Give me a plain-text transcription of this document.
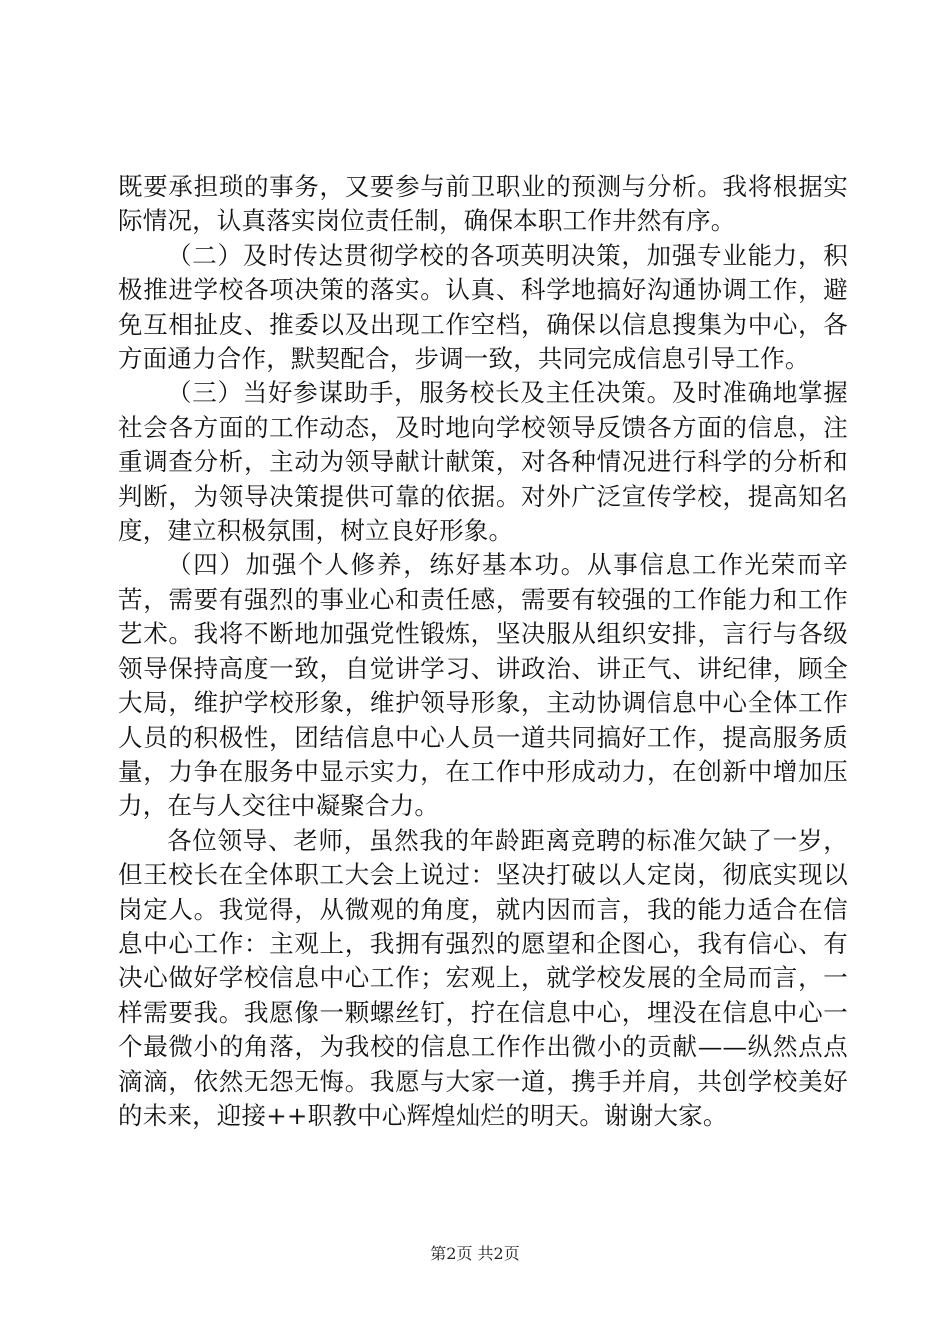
既要承担琐的事务，又要参与前卫职业的预测与分析。我将根据实际情况，认真落实岗位责任制，确保本职工作井然有序。

（二）及时传达贯彻学校的各项英明决策，加强专业能力，积极推进学校各项决策的落实。认真、科学地搞好沟通协调工作，避免互相扯皮、推委以及出现工作空档，确保以信息搜集为中心，各方面通力合作，默契配合，步调一致，共同完成信息引导工作。

（三）当好参谋助手，服务校长及主任决策。及时准确地掌握社会各方面的工作动态，及时地向学校领导反馈各方面的信息，注重调查分析，主动为领导献计献策，对各种情况进行科学的分析和判断，为领导决策提供可靠的依据。对外广泛宣传学校，提高知名度，建立积极氛围，树立良好形象。

（四）加强个人修养，练好基本功。从事信息工作光荣而辛苦，需要有强烈的事业心和责任感，需要有较强的工作能力和工作艺术。我将不断地加强党性锻炼，坚决服从组织安排，言行与各级领导保持高度一致，自觉讲学习、讲政治、讲正气、讲纪律，顾全大局，维护学校形象，维护领导形象，主动协调信息中心全体工作人员的积极性，团结信息中心人员一道共同搞好工作，提高服务质量，力争在服务中显示实力，在工作中形成动力，在创新中增加压力，在与人交往中凝聚合力。

各位领导、老师，虽然我的年龄距离竞聘的标准欠缺了一岁，但王校长在全体职工大会上说过：坚决打破以人定岗，彻底实现以岗定人。我觉得，从微观的角度，就内因而言，我的能力适合在信息中心工作：主观上，我拥有强烈的愿望和企图心，我有信心、有决心做好学校信息中心工作；宏观上，就学校发展的全局而言，一样需要我。我愿像一颗螺丝钉，拧在信息中心，埋没在信息中心一个最微小的角落，为我校的信息工作作出微小的贡献——纵然点点滴滴，依然无怨无悔。我愿与大家一道，携手并肩，共创学校美好的未来，迎接++职教中心辉煌灿烂的明天。谢谢大家。

第2页 共2页
